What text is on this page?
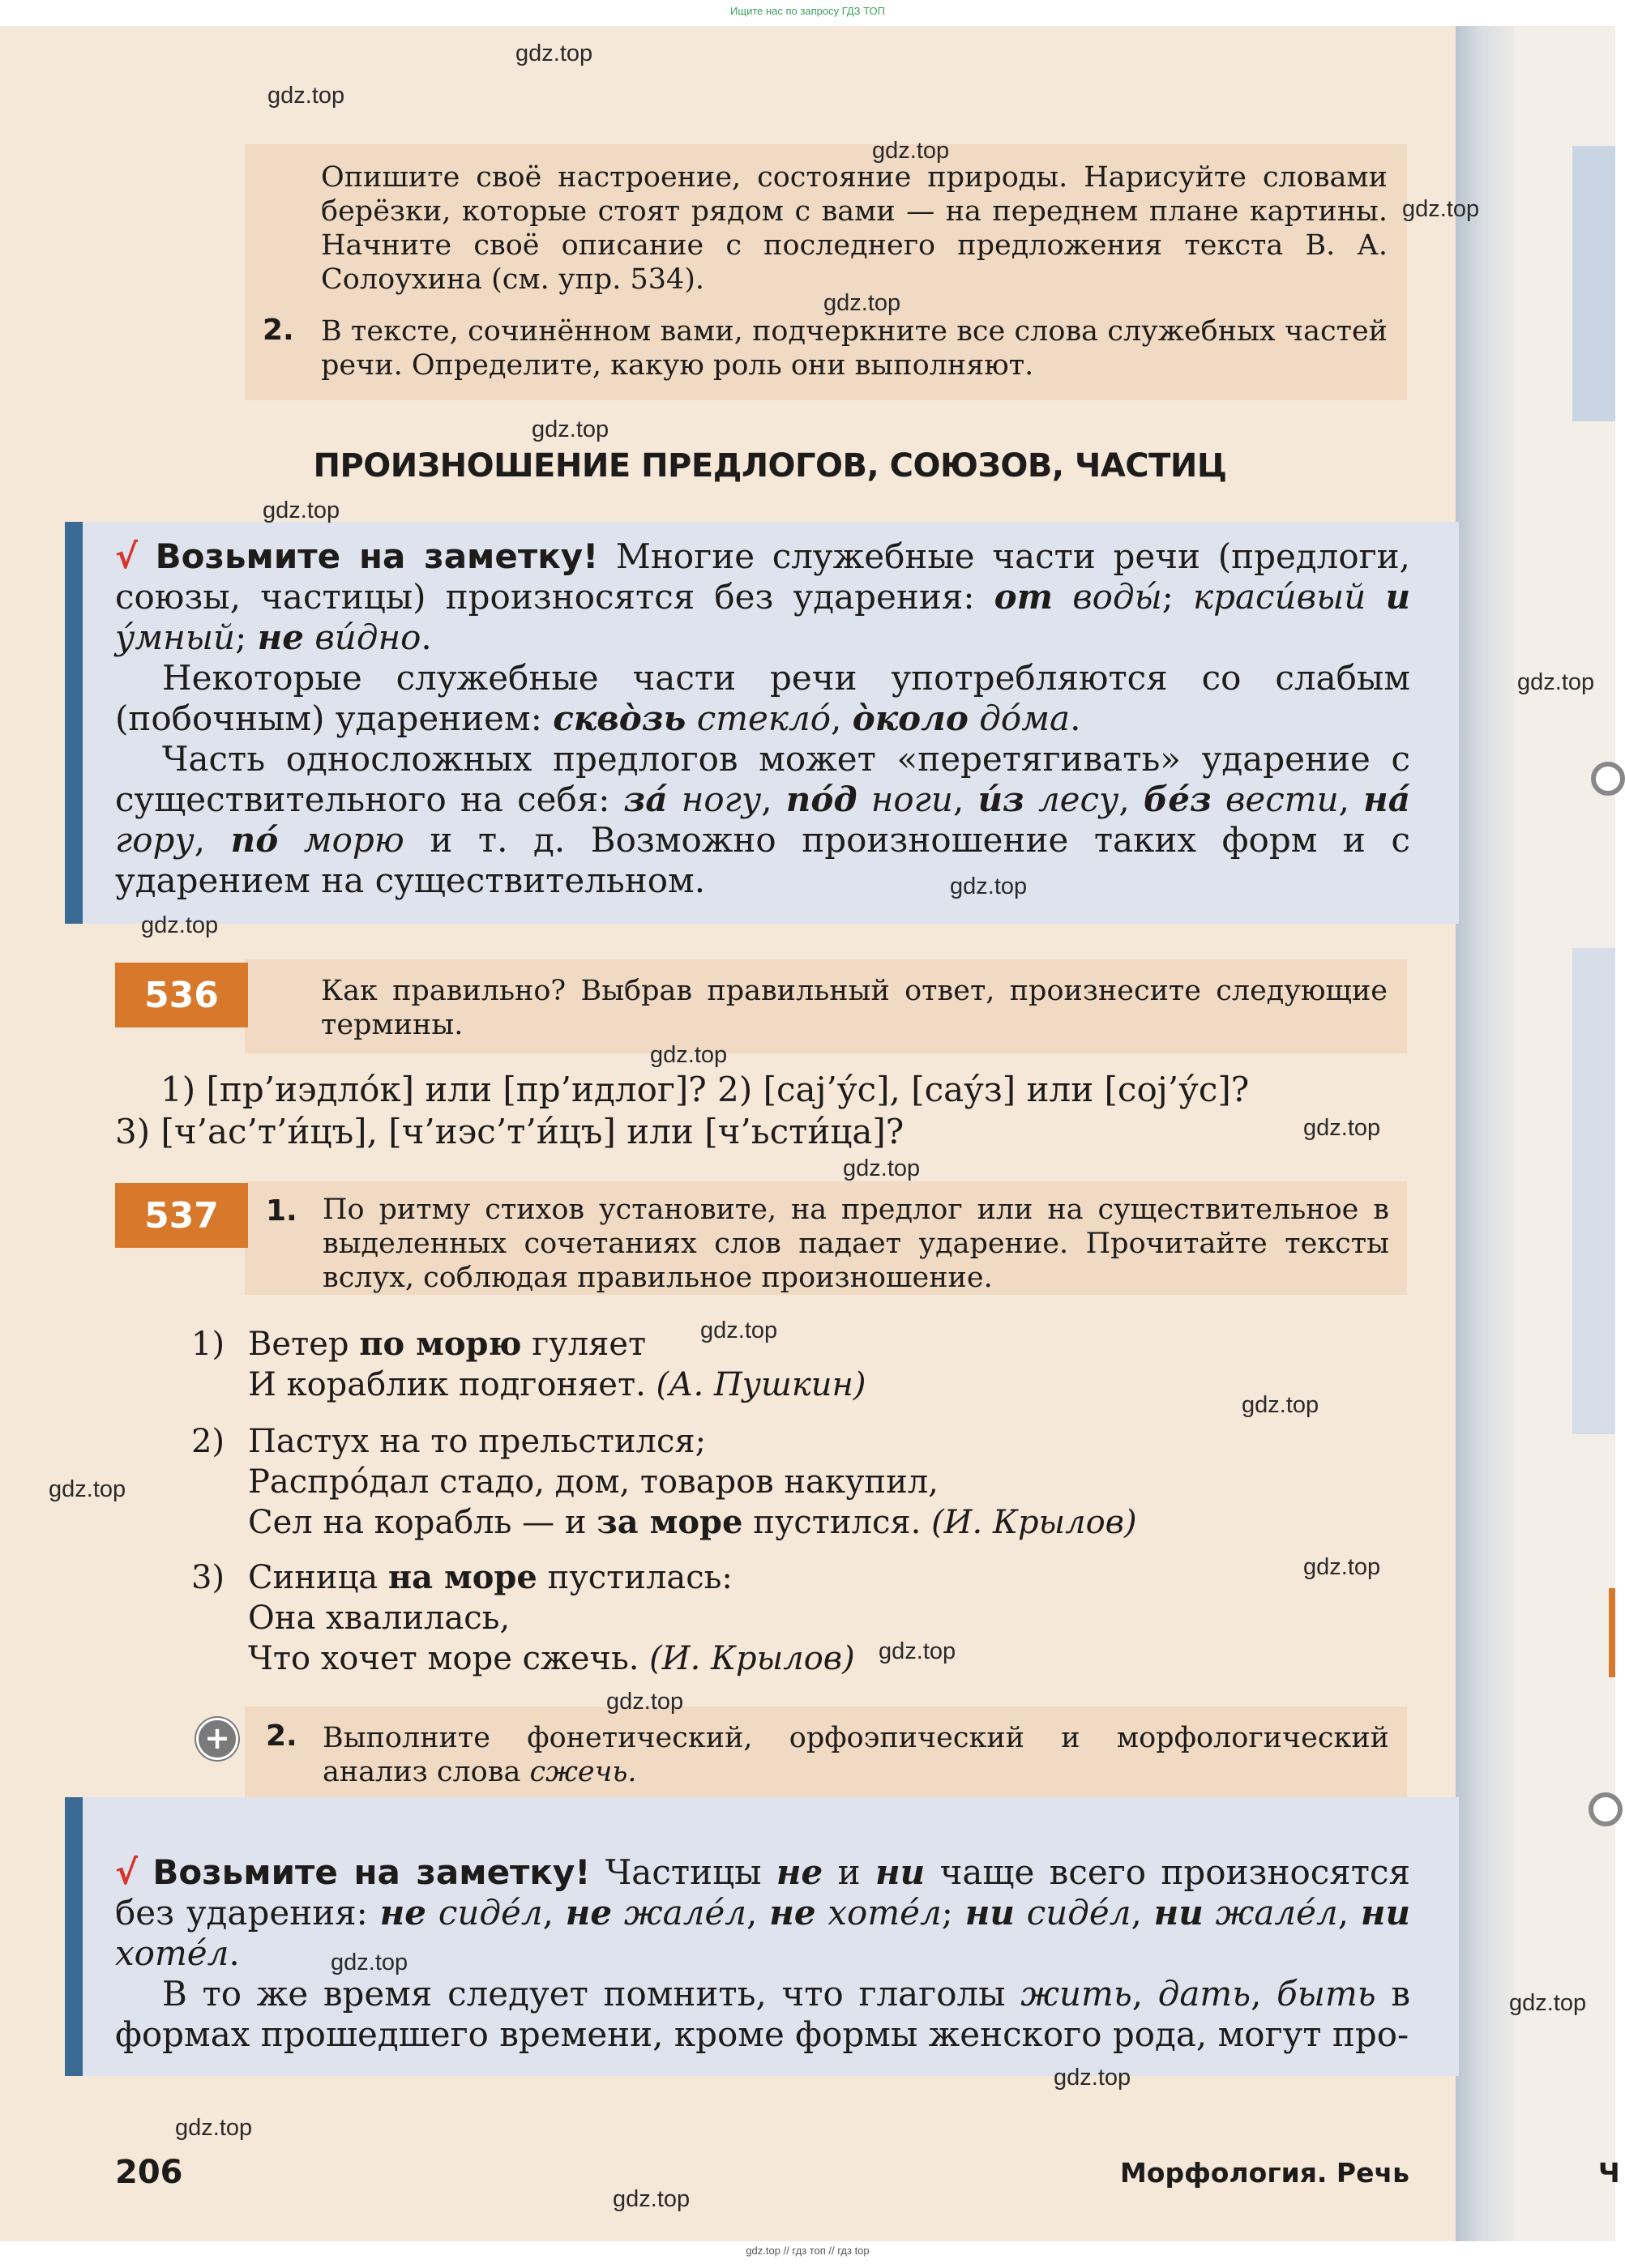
Ищите нас по запросу ГДЗ ТОП

Опишите своё настроение, состояние природы. Нарисуйте словами берёзки, которые стоят рядом с вами — на переднем плане картины. Начните своё описание с последнего предложения текста В. А. Солоухина (см. упр. 534).

2. В тексте, сочинённом вами, подчеркните все слова служебных частей речи. Определите, какую роль они выполняют.

ПРОИЗНОШЕНИЕ ПРЕДЛОГОВ, СОЮЗОВ, ЧАСТИЦ
√ Возьмите на заметку! Многие служебные части речи (предлоги, союзы, частицы) произносятся без ударения: от воды́; краси́вый и у́мный; не ви́дно.
Некоторые служебные части речи употребляются со слабым (побочным) ударением: сквòзь стекло́, òколо до́ма.
Часть односложных предлогов может «перетягивать» ударение с существительного на себя: за́ ногу, по́д ноги, и́з лесу, бе́з вести, на́ гору, по́ морю и т. д. Возможно произношение таких форм и с ударением на существительном.
536	Как правильно? Выбрав правильный ответ, произнесите следующие термины.

1) [пр’иэдло́к] или [пр’идлог]? 2) [саj’у́с], [сау́з] или [соj’у́с]?
3) [ч’ас’т’и́цъ], [ч’иэс’т’и́цъ] или [ч’ьсти́ца]?
537	1. По ритму стихов установите, на предлог или на существительное в выделенных сочетаниях слов падает ударение. Прочитайте тексты вслух, соблюдая правильное произношение.

1) Ветер по морю гуляет
И кораблик подгоняет. (А. Пушкин)
2) Пастух на то прельстился;
Распро́дал стадо, дом, товаров накупил,
Сел на корабль — и за море пустился. (И. Крылов)
3) Синица на море пустилась:
Она хвалилась,
Что хочет море сжечь. (И. Крылов)
+ 2. Выполните фонетический, орфоэпический и морфологический анализ слова сжечь.

√ Возьмите на заметку! Частицы не и ни чаще всего произносятся без ударения: не сиде́л, не жале́л, не хоте́л; ни сиде́л, ни жале́л, ни хоте́л.
В то же время следует помнить, что глаголы жить, дать, быть в формах прошедшего времени, кроме формы женского рода, могут про-
206	Морфология. Речь	Ч
gdz.top
gdz.top
gdz.top
gdz.top
gdz.top
gdz.top
gdz.top
gdz.top
gdz.top
gdz.top
gdz.top
gdz.top
gdz.top
gdz.top
gdz.top
gdz.top
gdz.top
gdz.top
gdz.top
gdz.top
gdz.top
gdz.top
gdz.top
gdz.top
gdz.top // гдз топ // гдз top
